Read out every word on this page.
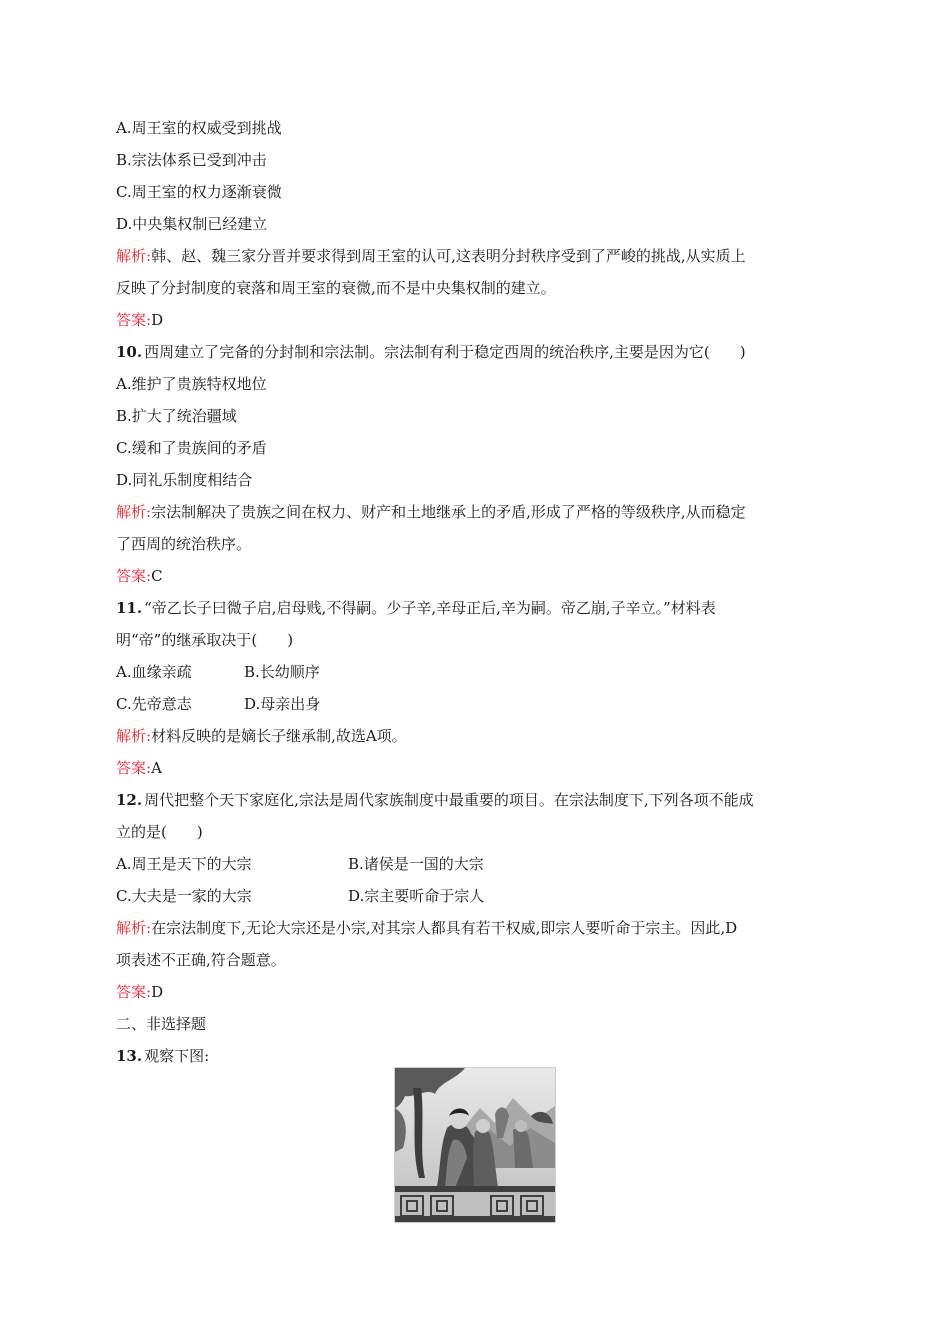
A.周王室的权威受到挑战
B.宗法体系已受到冲击
C.周王室的权力逐渐衰微
D.中央集权制已经建立
解析:韩、赵、魏三家分晋并要求得到周王室的认可,这表明分封秩序受到了严峻的挑战,从实质上
反映了分封制度的衰落和周王室的衰微,而不是中央集权制的建立。
答案:D
10. 西周建立了完备的分封制和宗法制。宗法制有利于稳定西周的统治秩序,主要是因为它(　　)
A.维护了贵族特权地位
B.扩大了统治疆域
C.缓和了贵族间的矛盾
D.同礼乐制度相结合
解析:宗法制解决了贵族之间在权力、财产和土地继承上的矛盾,形成了严格的等级秩序,从而稳定
了西周的统治秩序。
答案:C
11. “帝乙长子曰微子启,启母贱,不得嗣。少子辛,辛母正后,辛为嗣。帝乙崩,子辛立。”材料表
明“帝”的继承取决于(　　)
A.血缘亲疏	B.长幼顺序
C.先帝意志	D.母亲出身
解析:材料反映的是嫡长子继承制,故选A项。
答案:A
12. 周代把整个天下家庭化,宗法是周代家族制度中最重要的项目。在宗法制度下,下列各项不能成
立的是(　　)
A.周王是天下的大宗	B.诸侯是一国的大宗
C.大夫是一家的大宗	D.宗主要听命于宗人
解析:在宗法制度下,无论大宗还是小宗,对其宗人都具有若干权威,即宗人要听命于宗主。因此,D
项表述不正确,符合题意。
答案:D
二、非选择题
13. 观察下图:
